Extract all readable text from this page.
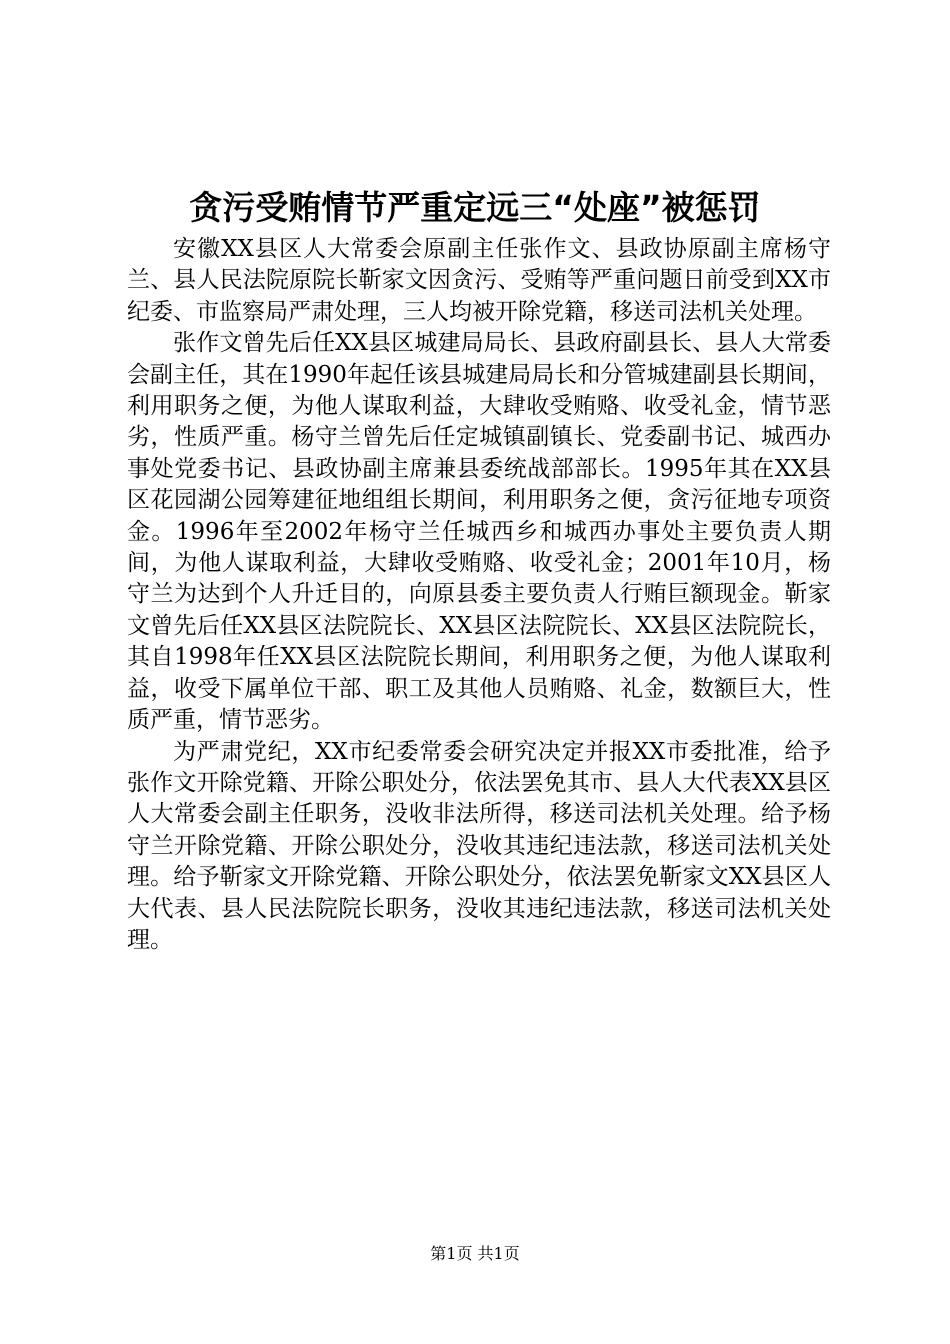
贪污受贿情节严重定远三“处座”被惩罚

安徽XX县区人大常委会原副主任张作文、县政协原副主席杨守兰、县人民法院原院长靳家文因贪污、受贿等严重问题日前受到XX市纪委、市监察局严肃处理，三人均被开除党籍，移送司法机关处理。

张作文曾先后任XX县区城建局局长、县政府副县长、县人大常委会副主任，其在1990年起任该县城建局局长和分管城建副县长期间，利用职务之便，为他人谋取利益，大肆收受贿赂、收受礼金，情节恶劣，性质严重。杨守兰曾先后任定城镇副镇长、党委副书记、城西办事处党委书记、县政协副主席兼县委统战部部长。1995年其在XX县区花园湖公园筹建征地组组长期间，利用职务之便，贪污征地专项资金。1996年至2002年杨守兰任城西乡和城西办事处主要负责人期间，为他人谋取利益，大肆收受贿赂、收受礼金；2001年10月，杨守兰为达到个人升迁目的，向原县委主要负责人行贿巨额现金。靳家文曾先后任XX县区法院院长、XX县区法院院长、XX县区法院院长，其自1998年任XX县区法院院长期间，利用职务之便，为他人谋取利益，收受下属单位干部、职工及其他人员贿赂、礼金，数额巨大，性质严重，情节恶劣。

为严肃党纪，XX市纪委常委会研究决定并报XX市委批准，给予张作文开除党籍、开除公职处分，依法罢免其市、县人大代表XX县区人大常委会副主任职务，没收非法所得，移送司法机关处理。给予杨守兰开除党籍、开除公职处分，没收其违纪违法款，移送司法机关处理。给予靳家文开除党籍、开除公职处分，依法罢免靳家文XX县区人大代表、县人民法院院长职务，没收其违纪违法款，移送司法机关处理。

第1页 共1页
